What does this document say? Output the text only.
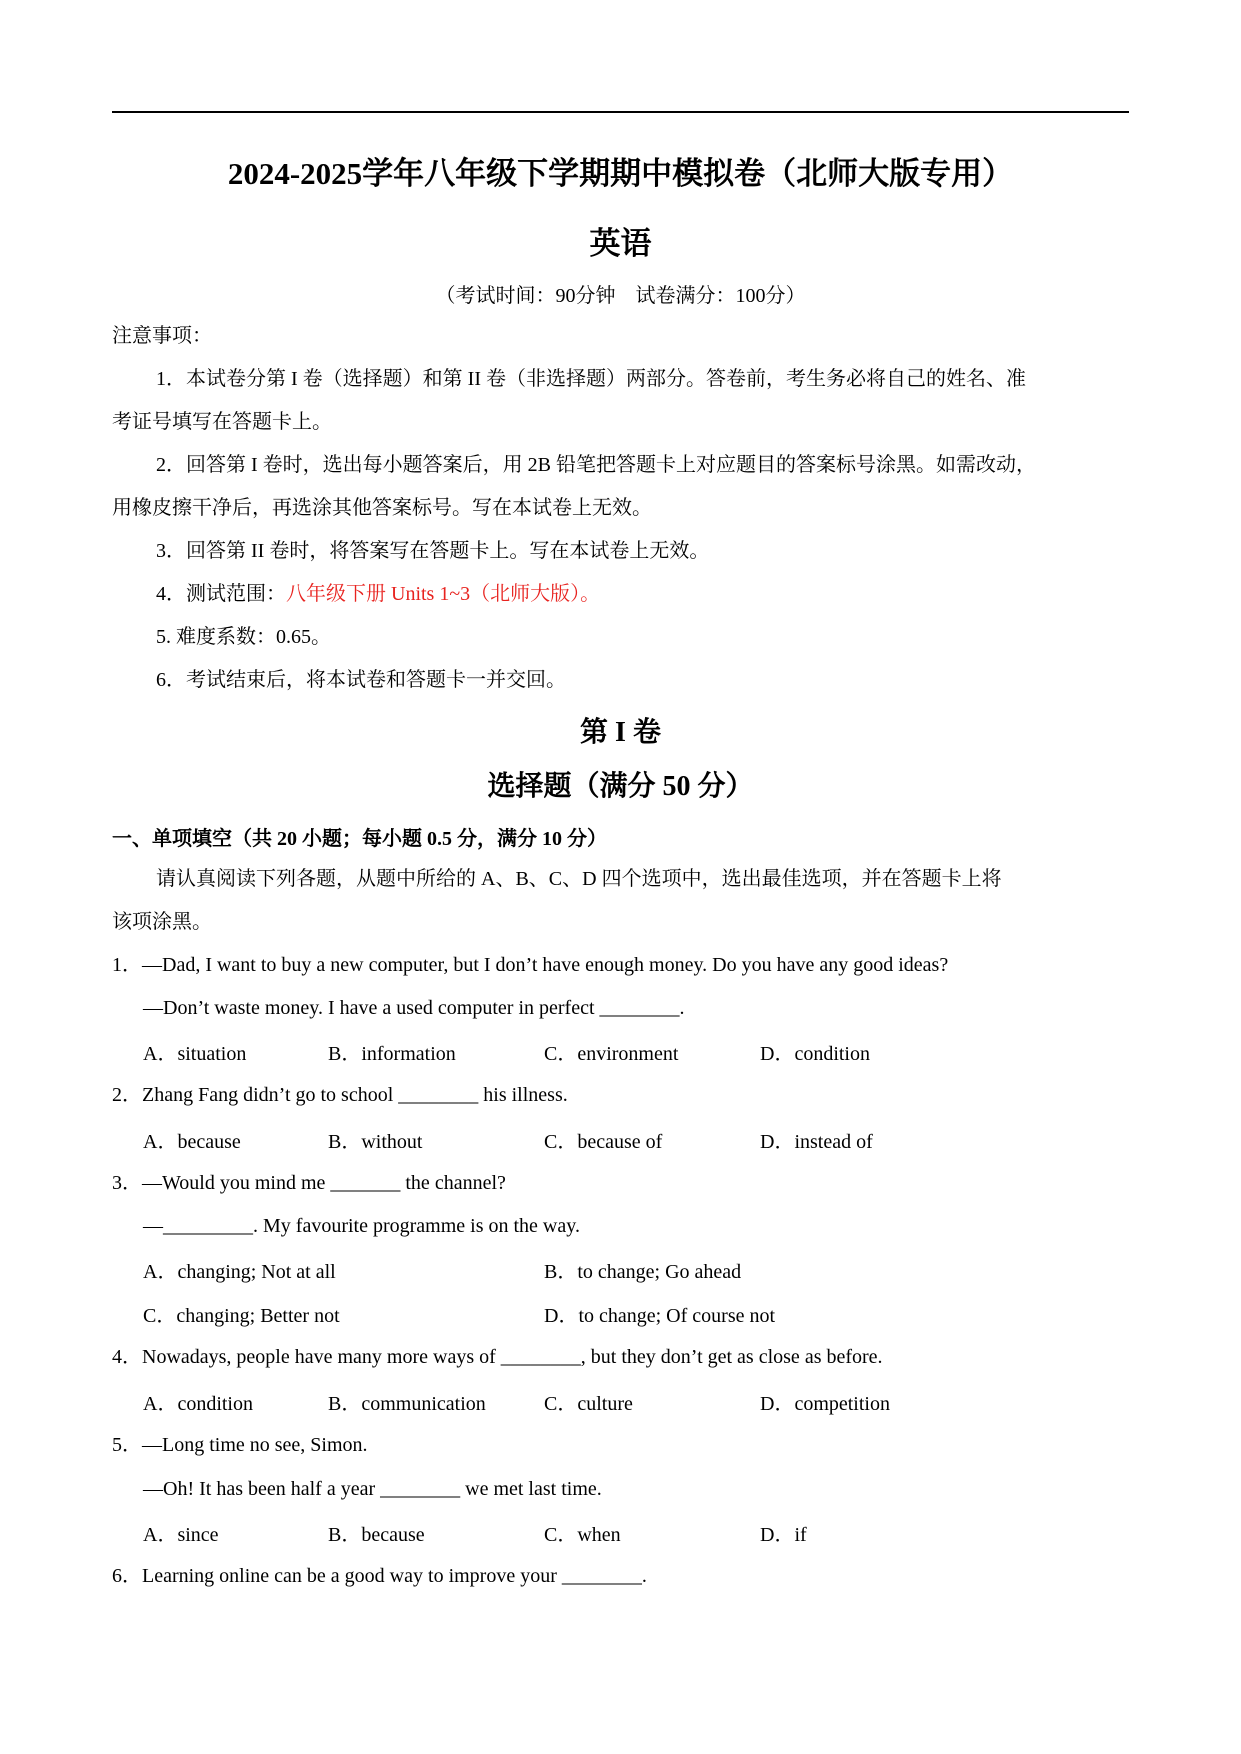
2024-2025学年八年级下学期期中模拟卷（北师大版专用）
英语
（考试时间：90分钟　试卷满分：100分）
注意事项：
1．本试卷分第 I 卷（选择题）和第 II 卷（非选择题）两部分。答卷前，考生务必将自己的姓名、准
考证号填写在答题卡上。
2．回答第 I 卷时，选出每小题答案后，用 2B 铅笔把答题卡上对应题目的答案标号涂黑。如需改动，
用橡皮擦干净后，再选涂其他答案标号。写在本试卷上无效。
3．回答第 II 卷时，将答案写在答题卡上。写在本试卷上无效。
4．测试范围：八年级下册 Units 1~3（北师大版）。
5. 难度系数：0.65。
6．考试结束后，将本试卷和答题卡一并交回。
第 I 卷
选择题（满分 50 分）
一、单项填空（共 20 小题；每小题 0.5 分，满分 10 分）
请认真阅读下列各题，从题中所给的 A、B、C、D 四个选项中，选出最佳选项，并在答题卡上将
该项涂黑。
1．—Dad, I want to buy a new computer, but I don’t have enough money. Do you have any good ideas?
—Don’t waste money. I have a used computer in perfect ________.
A．situation	B．information	C．environment	D．condition
2．Zhang Fang didn’t go to school ________ his illness.
A．because	B．without	C．because of	D．instead of
3．—Would you mind me _______ the channel?
—_________. My favourite programme is on the way.
A．changing; Not at all	B．to change; Go ahead
C．changing; Better not	D．to change; Of course not
4．Nowadays, people have many more ways of ________, but they don’t get as close as before.
A．condition	B．communication	C．culture	D．competition
5．—Long time no see, Simon.
—Oh! It has been half a year ________ we met last time.
A．since	B．because	C．when	D．if
6．Learning online can be a good way to improve your ________.
